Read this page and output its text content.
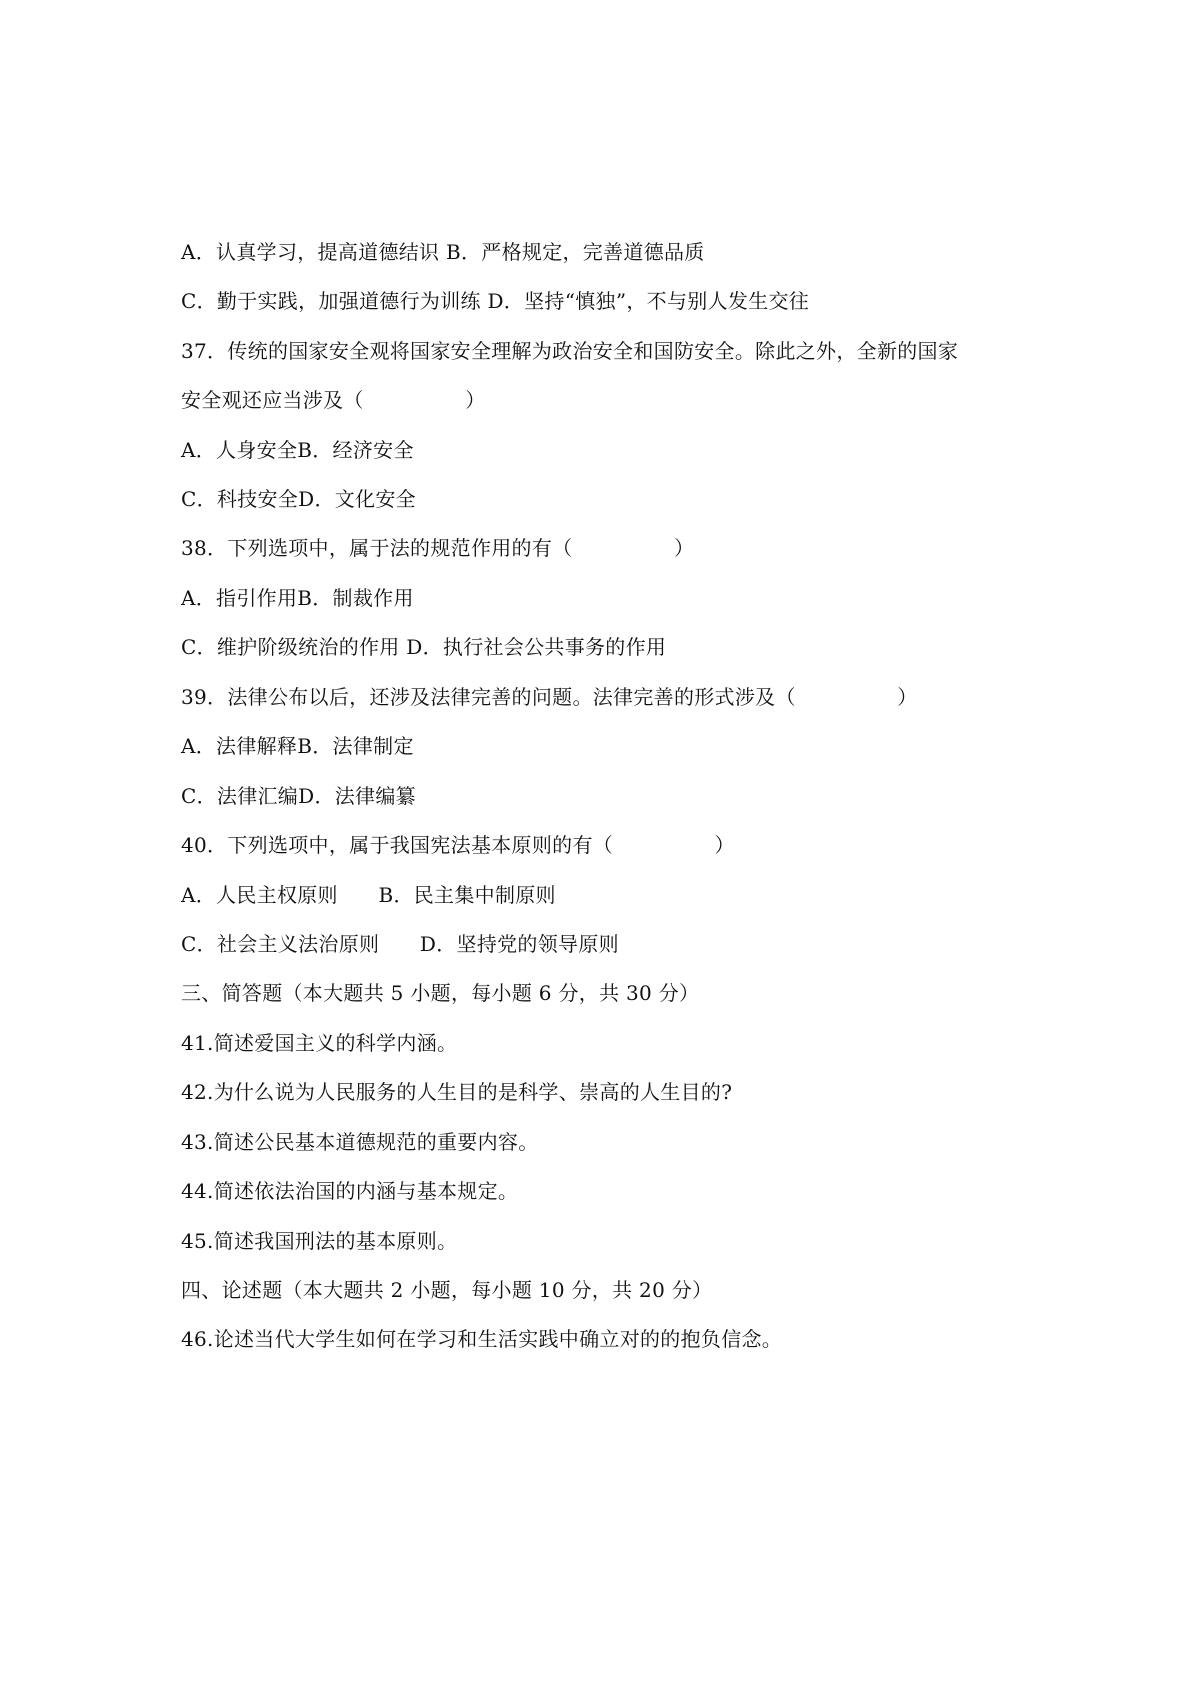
A．认真学习，提高道德结识 B．严格规定，完善道德品质
C．勤于实践，加强道德行为训练 D．坚持“慎独”，不与别人发生交往
37．传统的国家安全观将国家安全理解为政治安全和国防安全。除此之外，全新的国家
安全观还应当涉及（　　　　　）
A．人身安全B．经济安全
C．科技安全D．文化安全
38．下列选项中，属于法的规范作用的有（　　　　　）
A．指引作用B．制裁作用
C．维护阶级统治的作用 D．执行社会公共事务的作用
39．法律公布以后，还涉及法律完善的问题。法律完善的形式涉及（　　　　　）
A．法律解释B．法律制定
C．法律汇编D．法律编纂
40．下列选项中，属于我国宪法基本原则的有（　　　　　）
A．人民主权原则　　B．民主集中制原则
C．社会主义法治原则　　D．坚持党的领导原则
三、简答题（本大题共 5 小题，每小题 6 分，共 30 分）
41.简述爱国主义的科学内涵。
42.为什么说为人民服务的人生目的是科学、崇高的人生目的?
43.简述公民基本道德规范的重要内容。
44.简述依法治国的内涵与基本规定。
45.简述我国刑法的基本原则。
四、论述题（本大题共 2 小题，每小题 10 分，共 20 分）
46.论述当代大学生如何在学习和生活实践中确立对的的抱负信念。
